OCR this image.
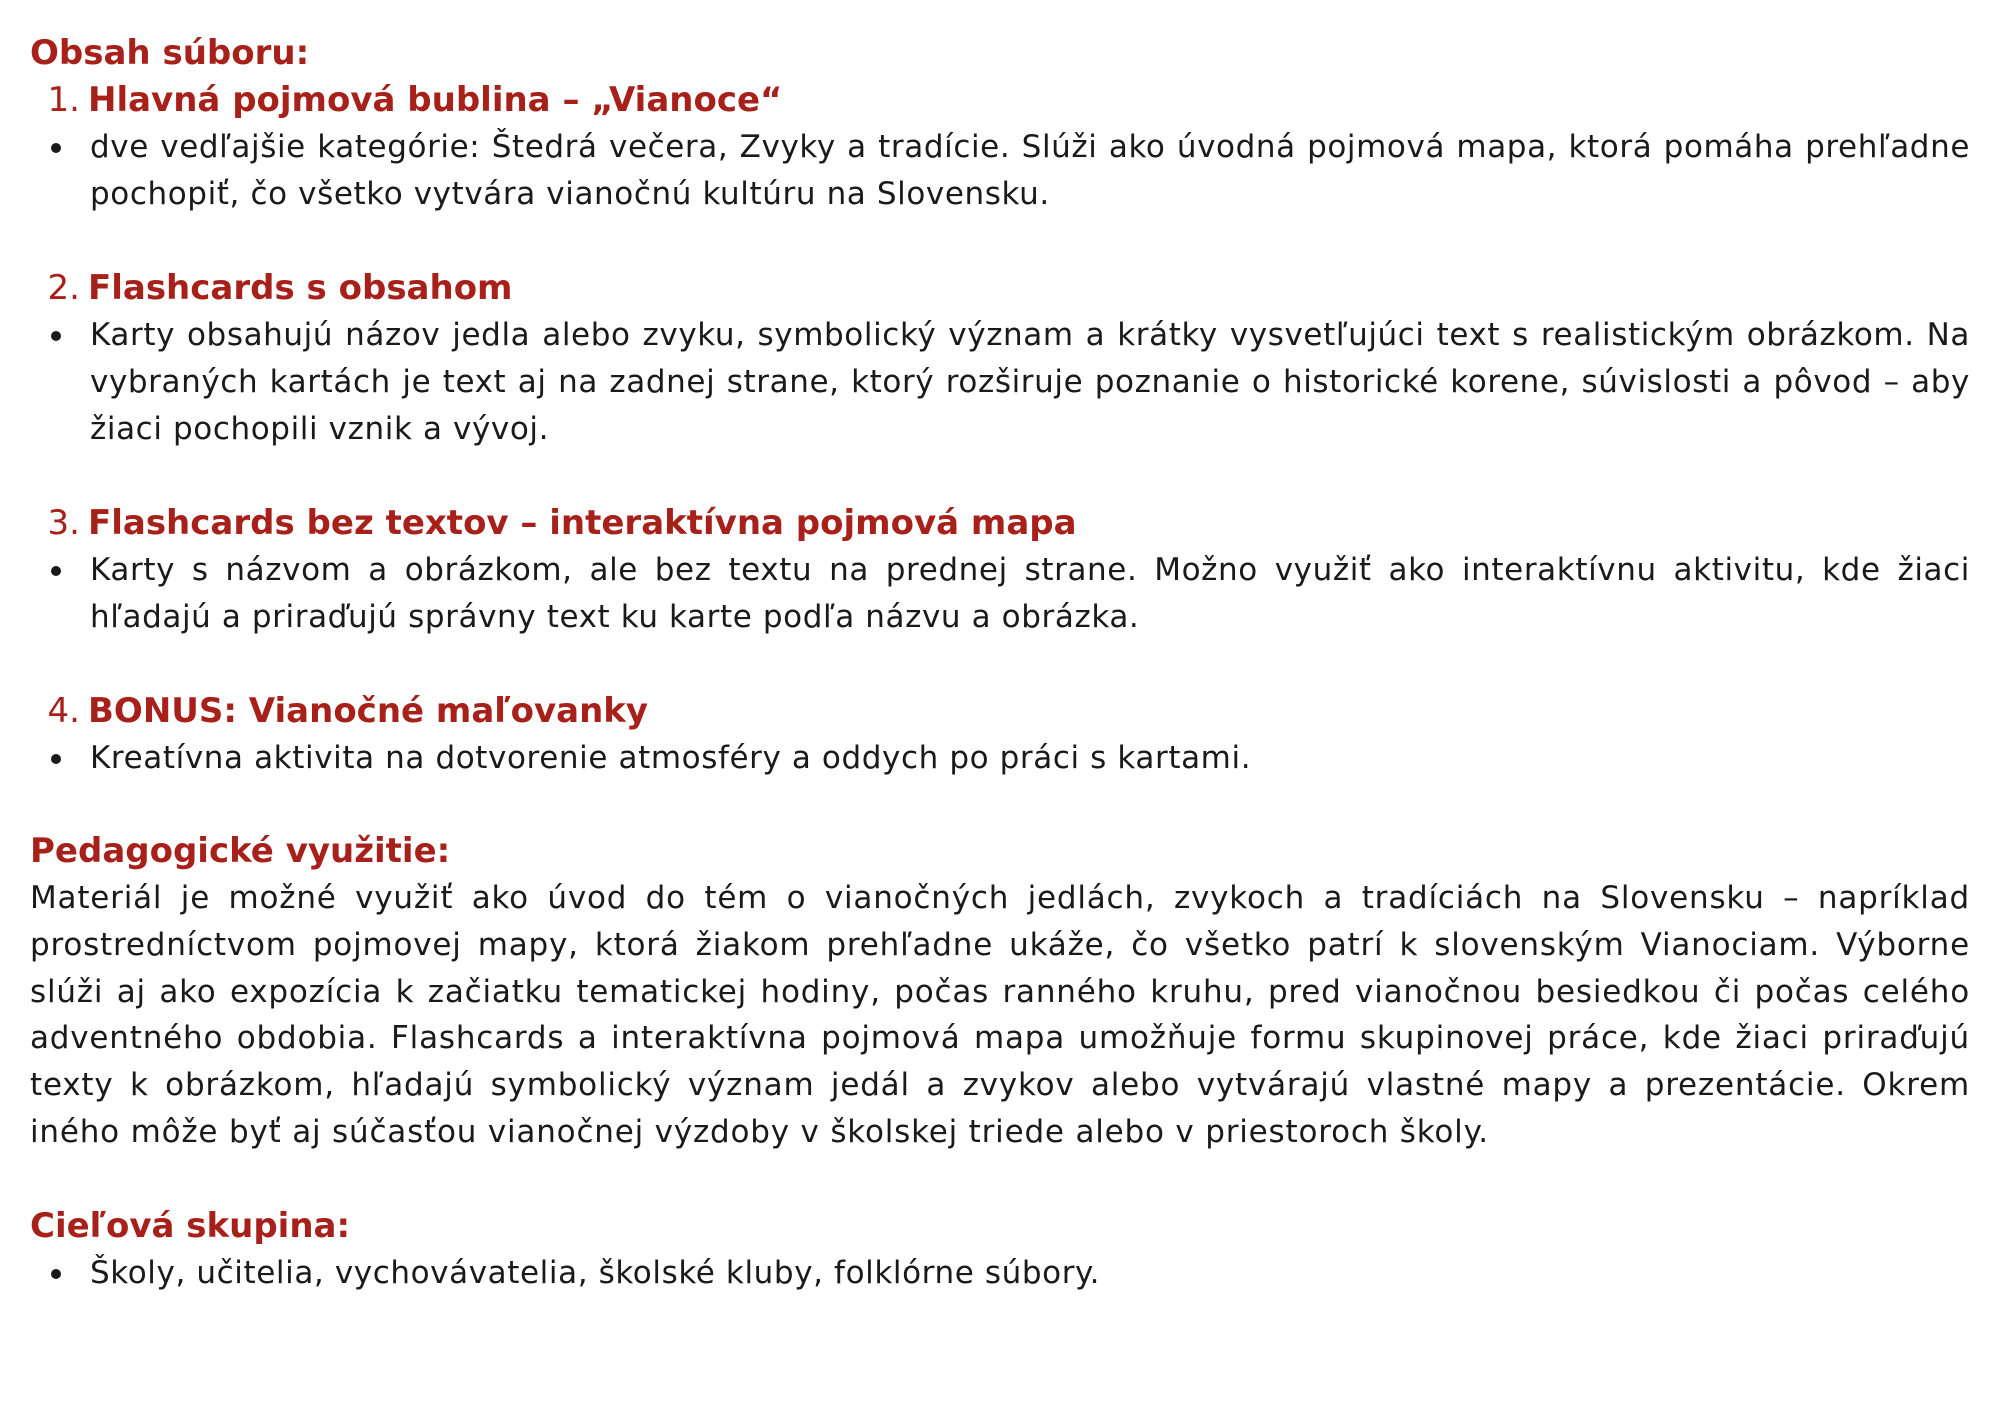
Obsah súboru:
1. Hlavná pojmová bublina – „Vianoce“

dve vedľajšie kategórie: Štedrá večera, Zvyky a tradície. Slúži ako úvodná pojmová mapa, ktorá pomáha prehľadne pochopiť, čo všetko vytvára vianočnú kultúru na Slovensku.

2. Flashcards s obsahom

Karty obsahujú názov jedla alebo zvyku, symbolický význam a krátky vysvetľujúci text s realistickým obrázkom. Na vybraných kartách je text aj na zadnej strane, ktorý rozširuje poznanie o historické korene, súvislosti a pôvod – aby žiaci pochopili vznik a vývoj.

3. Flashcards bez textov – interaktívna pojmová mapa

Karty s názvom a obrázkom, ale bez textu na prednej strane. Možno využiť ako interaktívnu aktivitu, kde žiaci hľadajú a priraďujú správny text ku karte podľa názvu a obrázka.

4. BONUS: Vianočné maľovanky

Kreatívna aktivita na dotvorenie atmosféry a oddych po práci s kartami.

Pedagogické využitie:

Materiál je možné využiť ako úvod do tém o vianočných jedlách, zvykoch a tradíciách na Slovensku – napríklad prostredníctvom pojmovej mapy, ktorá žiakom prehľadne ukáže, čo všetko patrí k slovenským Vianociam. Výborne slúži aj ako expozícia k začiatku tematickej hodiny, počas ranného kruhu, pred vianočnou besiedkou či počas celého adventného obdobia. Flashcards a interaktívna pojmová mapa umožňuje formu skupinovej práce, kde žiaci priraďujú texty k obrázkom, hľadajú symbolický význam jedál a zvykov alebo vytvárajú vlastné mapy a prezentácie. Okrem iného môže byť aj súčasťou vianočnej výzdoby v školskej triede alebo v priestoroch školy.

Cieľová skupina:

Školy, učitelia, vychovávatelia, školské kluby, folklórne súbory.
